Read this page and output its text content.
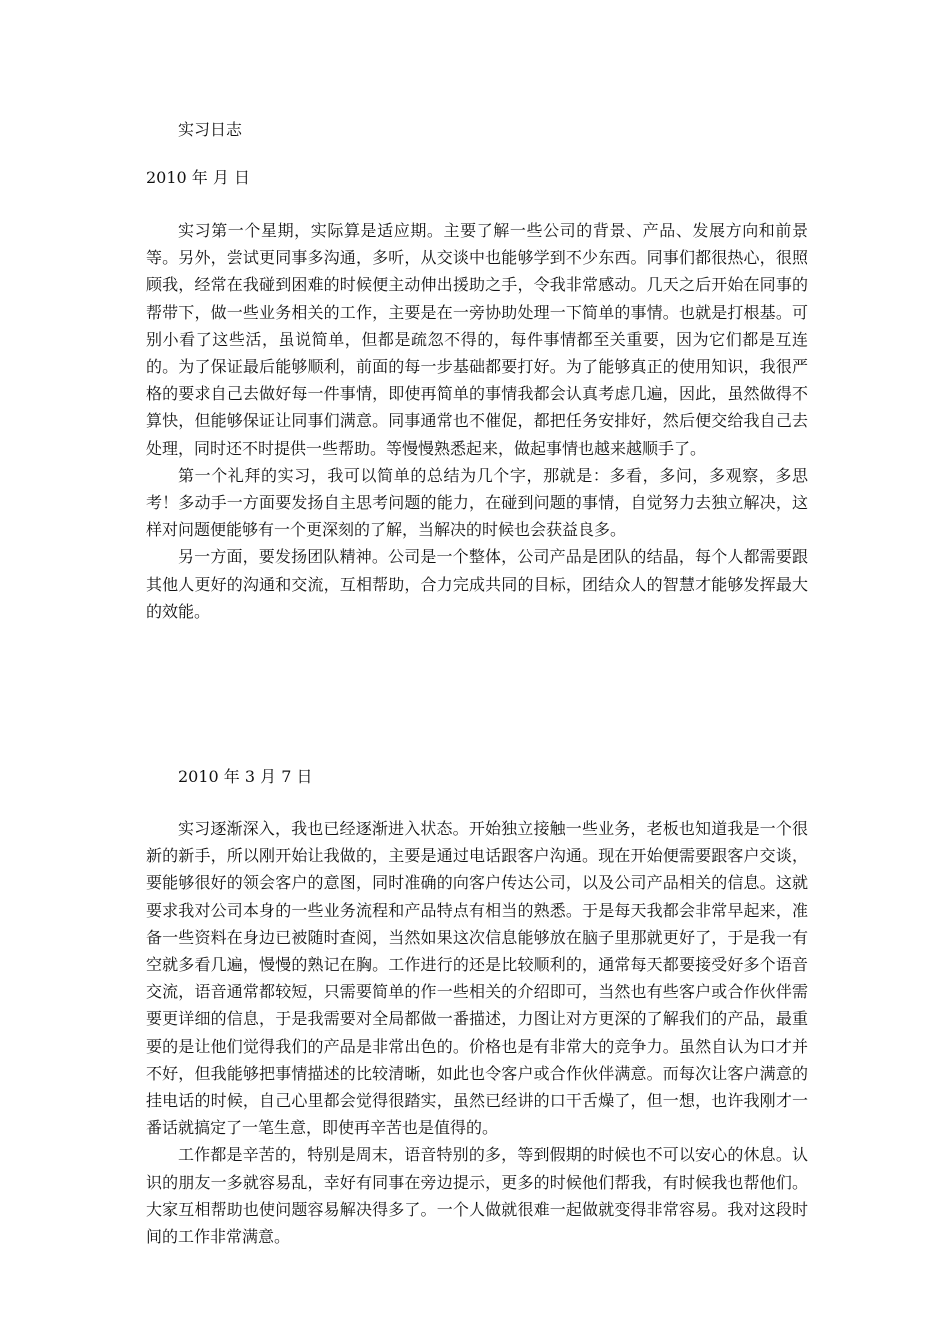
实习日志
2010 年 月 日

实习第一个星期，实际算是适应期。主要了解一些公司的背景、产品、发展方向和前景等。另外，尝试更同事多沟通，多听，从交谈中也能够学到不少东西。同事们都很热心，很照顾我，经常在我碰到困难的时候便主动伸出援助之手，令我非常感动。几天之后开始在同事的帮带下，做一些业务相关的工作，主要是在一旁协助处理一下简单的事情。也就是打根基。可别小看了这些活，虽说简单，但都是疏忽不得的，每件事情都至关重要，因为它们都是互连的。为了保证最后能够顺利，前面的每一步基础都要打好。为了能够真正的使用知识，我很严格的要求自己去做好每一件事情，即使再简单的事情我都会认真考虑几遍，因此，虽然做得不算快，但能够保证让同事们满意。同事通常也不催促，都把任务安排好，然后便交给我自己去处理，同时还不时提供一些帮助。等慢慢熟悉起来，做起事情也越来越顺手了。

第一个礼拜的实习，我可以简单的总结为几个字，那就是：多看，多问，多观察，多思考！多动手一方面要发扬自主思考问题的能力，在碰到问题的事情，自觉努力去独立解决，这样对问题便能够有一个更深刻的了解，当解决的时候也会获益良多。

另一方面，要发扬团队精神。公司是一个整体，公司产品是团队的结晶，每个人都需要跟其他人更好的沟通和交流，互相帮助，合力完成共同的目标，团结众人的智慧才能够发挥最大的效能。

2010 年 3 月 7 日

实习逐渐深入，我也已经逐渐进入状态。开始独立接触一些业务，老板也知道我是一个很新的新手，所以刚开始让我做的，主要是通过电话跟客户沟通。现在开始便需要跟客户交谈，要能够很好的领会客户的意图，同时准确的向客户传达公司，以及公司产品相关的信息。这就要求我对公司本身的一些业务流程和产品特点有相当的熟悉。于是每天我都会非常早起来，准备一些资料在身边已被随时查阅，当然如果这次信息能够放在脑子里那就更好了，于是我一有空就多看几遍，慢慢的熟记在胸。工作进行的还是比较顺利的，通常每天都要接受好多个语音交流，语音通常都较短，只需要简单的作一些相关的介绍即可，当然也有些客户或合作伙伴需要更详细的信息，于是我需要对全局都做一番描述，力图让对方更深的了解我们的产品，最重要的是让他们觉得我们的产品是非常出色的。价格也是有非常大的竞争力。虽然自认为口才并不好，但我能够把事情描述的比较清晰，如此也令客户或合作伙伴满意。而每次让客户满意的挂电话的时候，自己心里都会觉得很踏实，虽然已经讲的口干舌燥了，但一想，也许我刚才一番话就搞定了一笔生意，即使再辛苦也是值得的。

工作都是辛苦的，特别是周末，语音特别的多，等到假期的时候也不可以安心的休息。认识的朋友一多就容易乱，幸好有同事在旁边提示，更多的时候他们帮我，有时候我也帮他们。大家互相帮助也使问题容易解决得多了。一个人做就很难一起做就变得非常容易。我对这段时间的工作非常满意。
